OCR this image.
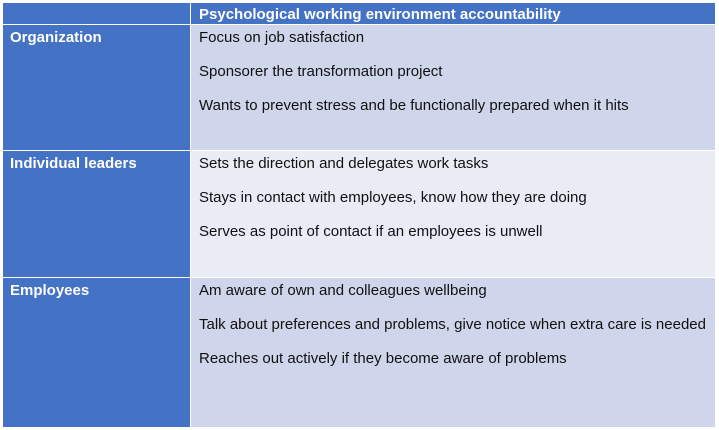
	Psychological working environment accountability
Organization	Focus on job satisfaction
Sponsorer the transformation project
Wants to prevent stress and be functionally prepared when it hits

Individual leaders	Sets the direction and delegates work tasks
Stays in contact with employees, know how they are doing
Serves as point of contact if an employees is unwell

Employees	Am aware of own and colleagues wellbeing
Talk about preferences and problems, give notice when extra care is needed
Reaches out actively if they become aware of problems
